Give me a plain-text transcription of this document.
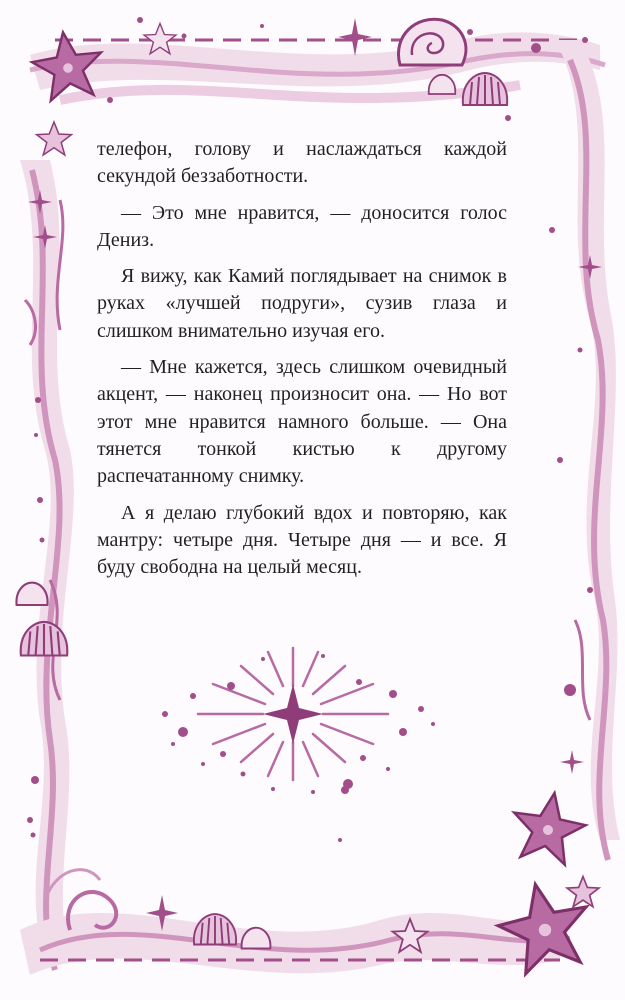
телефон, голову и наслаждаться каждой секундой беззаботности.

— Это мне нравится, — доносится голос Дениз.

Я вижу, как Камий поглядывает на снимок в руках «лучшей подруги», сузив глаза и слишком внимательно изучая его.

— Мне кажется, здесь слишком очевидный акцент, — наконец произносит она. — Но вот этот мне нравится намного больше. — Она тянется тонкой кистью к другому распечатанному снимку.

А я делаю глубокий вдох и повторяю, как мантру: четыре дня. Четыре дня — и все. Я буду свободна на целый месяц.
